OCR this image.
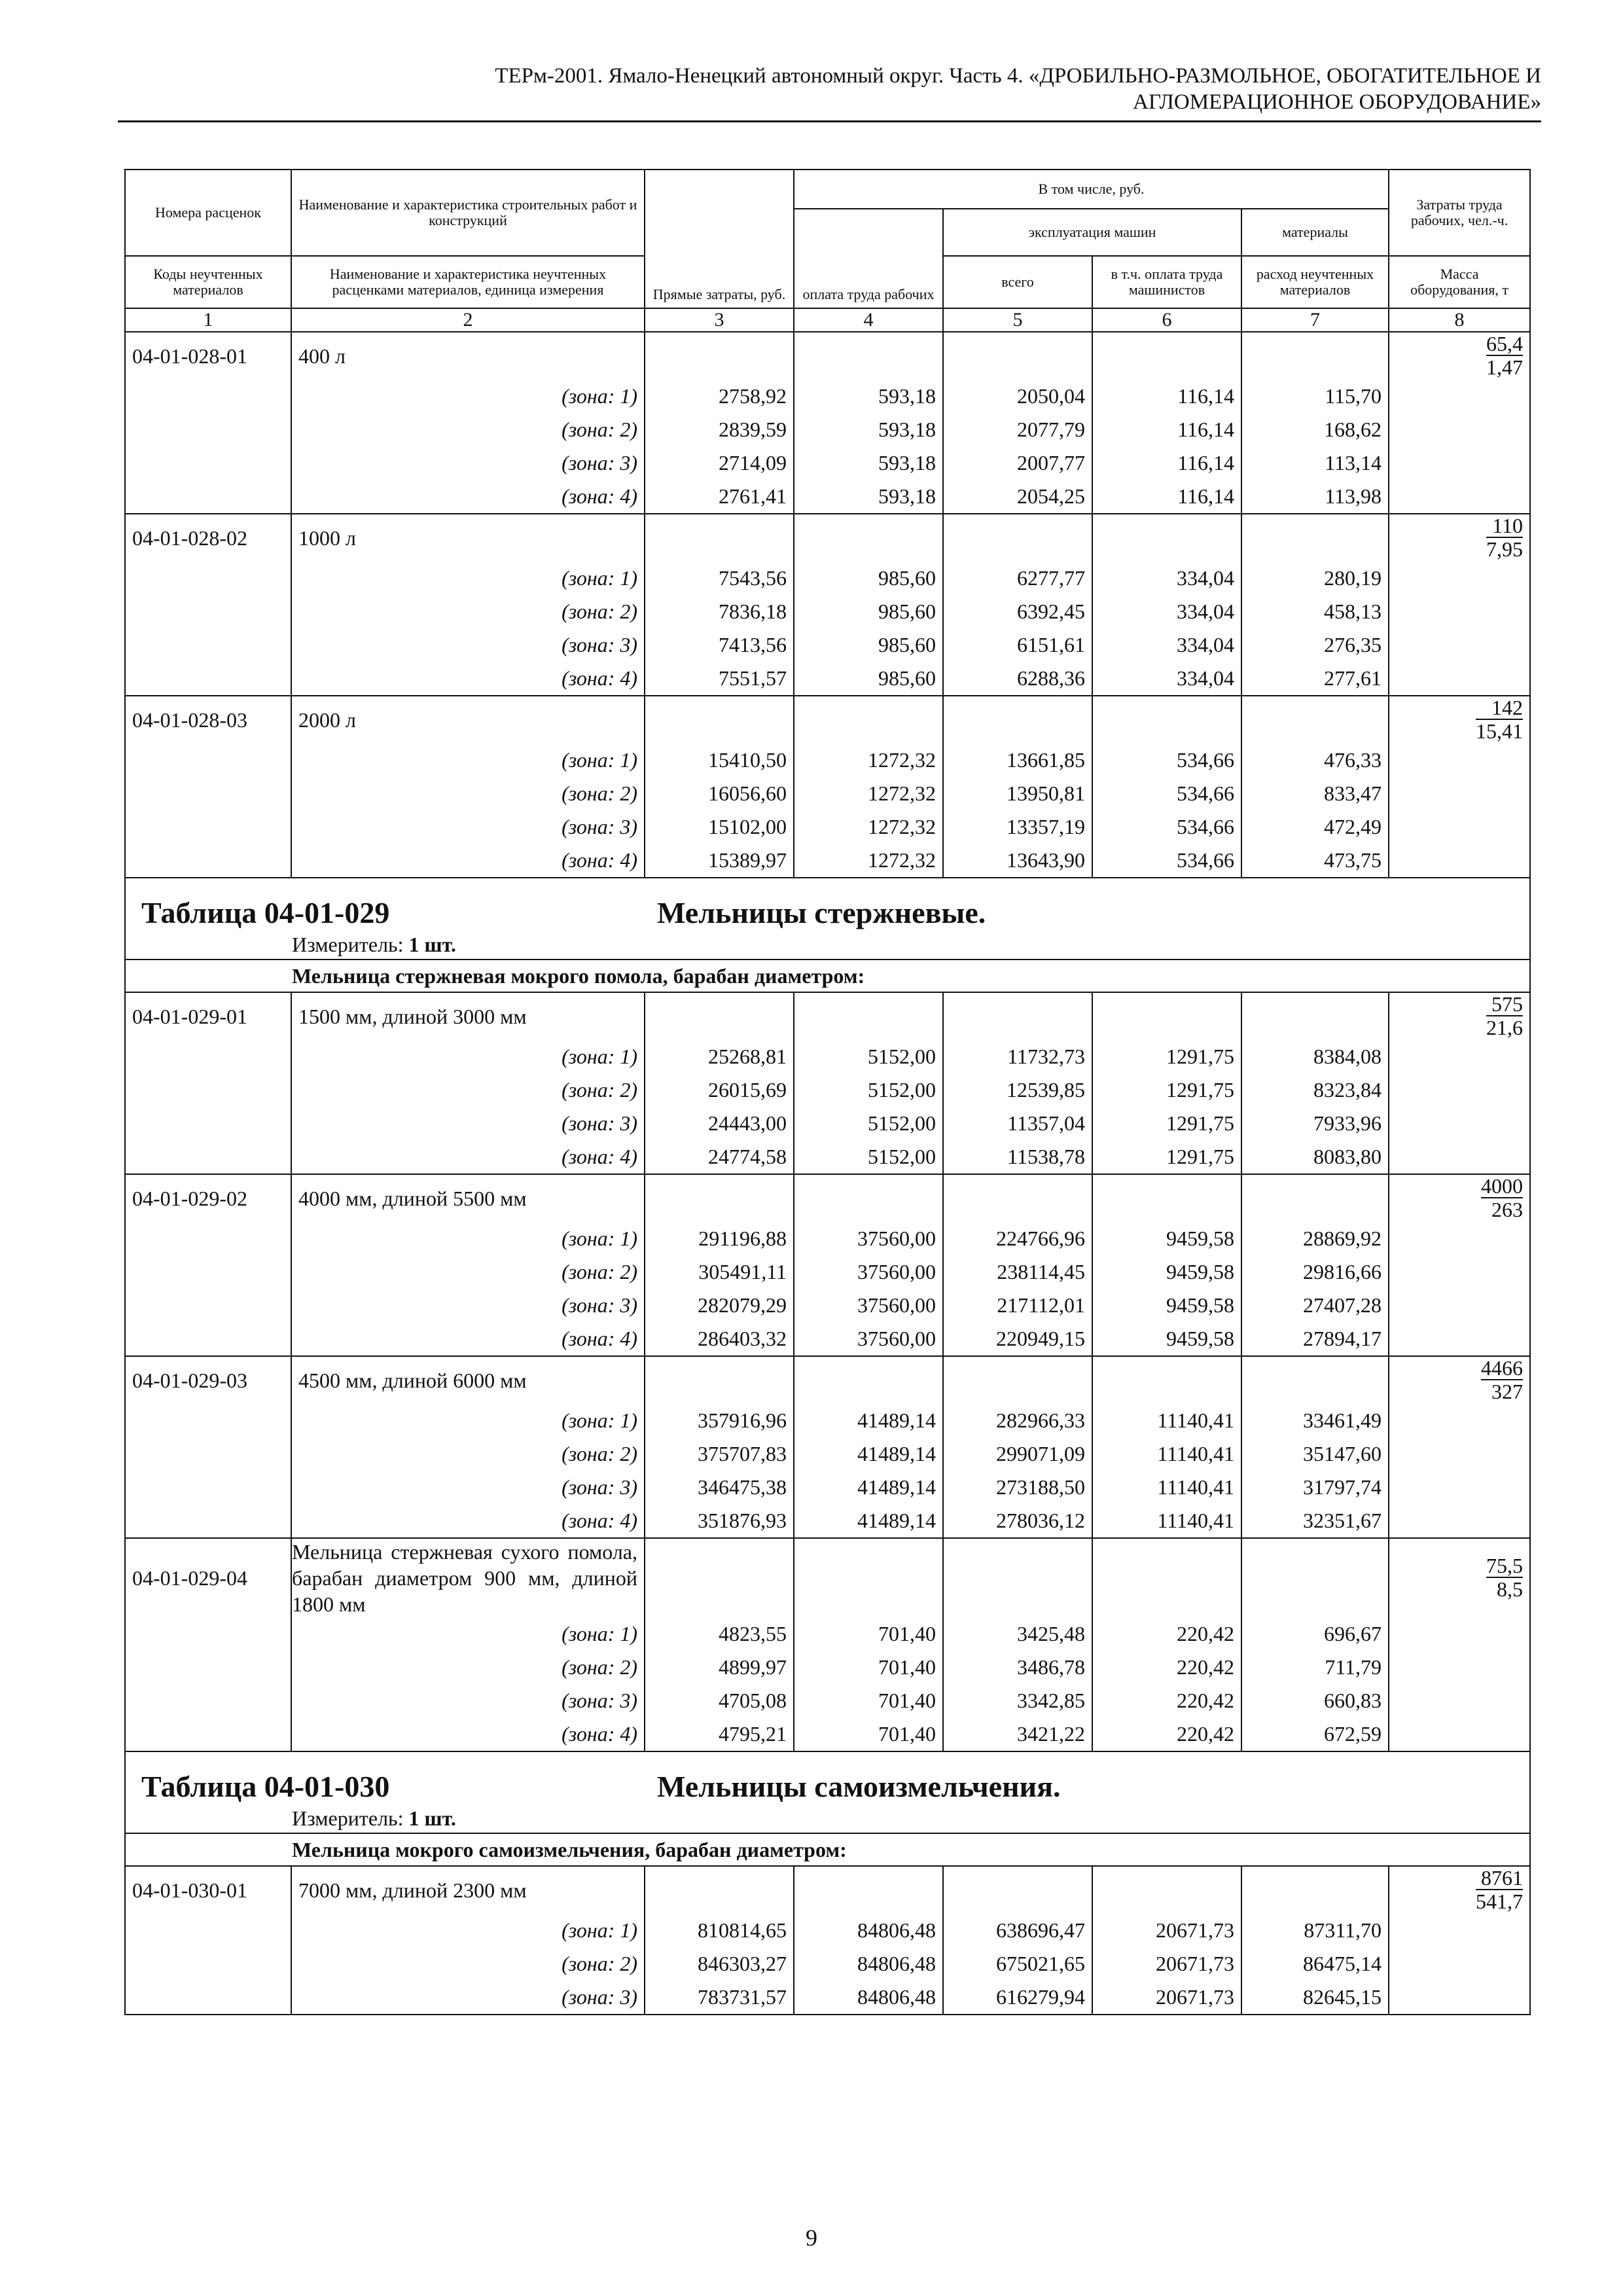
ТЕРм-2001. Ямало-Ненецкий автономный округ. Часть 4. «ДРОБИЛЬНО-РАЗМОЛЬНОЕ, ОБОГАТИТЕЛЬНОЕ И
АГЛОМЕРАЦИОННОЕ ОБОРУДОВАНИЕ»
Номера расценок	Наименование и характеристика строительных работ и конструкций	Прямые затраты, руб.	В том числе, руб.				Затраты труда рабочих, чел.-ч.
			оплата труда рабочих	эксплуатация машин		материалы	
Коды неучтенных материалов	Наименование и характеристика неучтенных расценками материалов, единица измерения			всего	в т.ч. оплата труда машинистов	расход неучтенных материалов	Масса оборудования, т
1	2	3	4	5	6	7	8
04-01-028-01	400 л						$\frac{65,4}{1,47}$

	(зона: 1)	2758,92	593,18	2050,04	116,14	115,70	
	(зона: 2)	2839,59	593,18	2077,79	116,14	168,62	
	(зона: 3)	2714,09	593,18	2007,77	116,14	113,14	
	(зона: 4)	2761,41	593,18	2054,25	116,14	113,98	
04-01-028-02	1000 л						$\frac{110}{7,95}$

	(зона: 1)	7543,56	985,60	6277,77	334,04	280,19	
	(зона: 2)	7836,18	985,60	6392,45	334,04	458,13	
	(зона: 3)	7413,56	985,60	6151,61	334,04	276,35	
	(зона: 4)	7551,57	985,60	6288,36	334,04	277,61	
04-01-028-03	2000 л						$\frac{142}{15,41}$

	(зона: 1)	15410,50	1272,32	13661,85	534,66	476,33	
	(зона: 2)	16056,60	1272,32	13950,81	534,66	833,47	
	(зона: 3)	15102,00	1272,32	13357,19	534,66	472,49	
	(зона: 4)	15389,97	1272,32	13643,90	534,66	473,75	
Таблица 04-01-029 Мельницы стержневые.							
Измеритель: 1 шт.							
Мельница стержневая мокрого помола, барабан диаметром:							
04-01-029-01	1500 мм, длиной 3000 мм						$\frac{575}{21,6}$

	(зона: 1)	25268,81	5152,00	11732,73	1291,75	8384,08	
	(зона: 2)	26015,69	5152,00	12539,85	1291,75	8323,84	
	(зона: 3)	24443,00	5152,00	11357,04	1291,75	7933,96	
	(зона: 4)	24774,58	5152,00	11538,78	1291,75	8083,80	
04-01-029-02	4000 мм, длиной 5500 мм						$\frac{4000}{263}$

	(зона: 1)	291196,88	37560,00	224766,96	9459,58	28869,92	
	(зона: 2)	305491,11	37560,00	238114,45	9459,58	29816,66	
	(зона: 3)	282079,29	37560,00	217112,01	9459,58	27407,28	
	(зона: 4)	286403,32	37560,00	220949,15	9459,58	27894,17	
04-01-029-03	4500 мм, длиной 6000 мм						$\frac{4466}{327}$

	(зона: 1)	357916,96	41489,14	282966,33	11140,41	33461,49	
	(зона: 2)	375707,83	41489,14	299071,09	11140,41	35147,60	
	(зона: 3)	346475,38	41489,14	273188,50	11140,41	31797,74	
	(зона: 4)	351876,93	41489,14	278036,12	11140,41	32351,67	
04-01-029-04	Мельница стержневая сухого помола, барабан диаметром 900 мм, длиной 1800 мм						$\frac{75,5}{8,5}$

	(зона: 1)	4823,55	701,40	3425,48	220,42	696,67	
	(зона: 2)	4899,97	701,40	3486,78	220,42	711,79	
	(зона: 3)	4705,08	701,40	3342,85	220,42	660,83	
	(зона: 4)	4795,21	701,40	3421,22	220,42	672,59	
Таблица 04-01-030 Мельницы самоизмельчения.							
Измеритель: 1 шт.							
Мельница мокрого самоизмельчения, барабан диаметром:							
04-01-030-01	7000 мм, длиной 2300 мм						$\frac{8761}{541,7}$

	(зона: 1)	810814,65	84806,48	638696,47	20671,73	87311,70	
	(зона: 2)	846303,27	84806,48	675021,65	20671,73	86475,14	
	(зона: 3)	783731,57	84806,48	616279,94	20671,73	82645,15	
9
